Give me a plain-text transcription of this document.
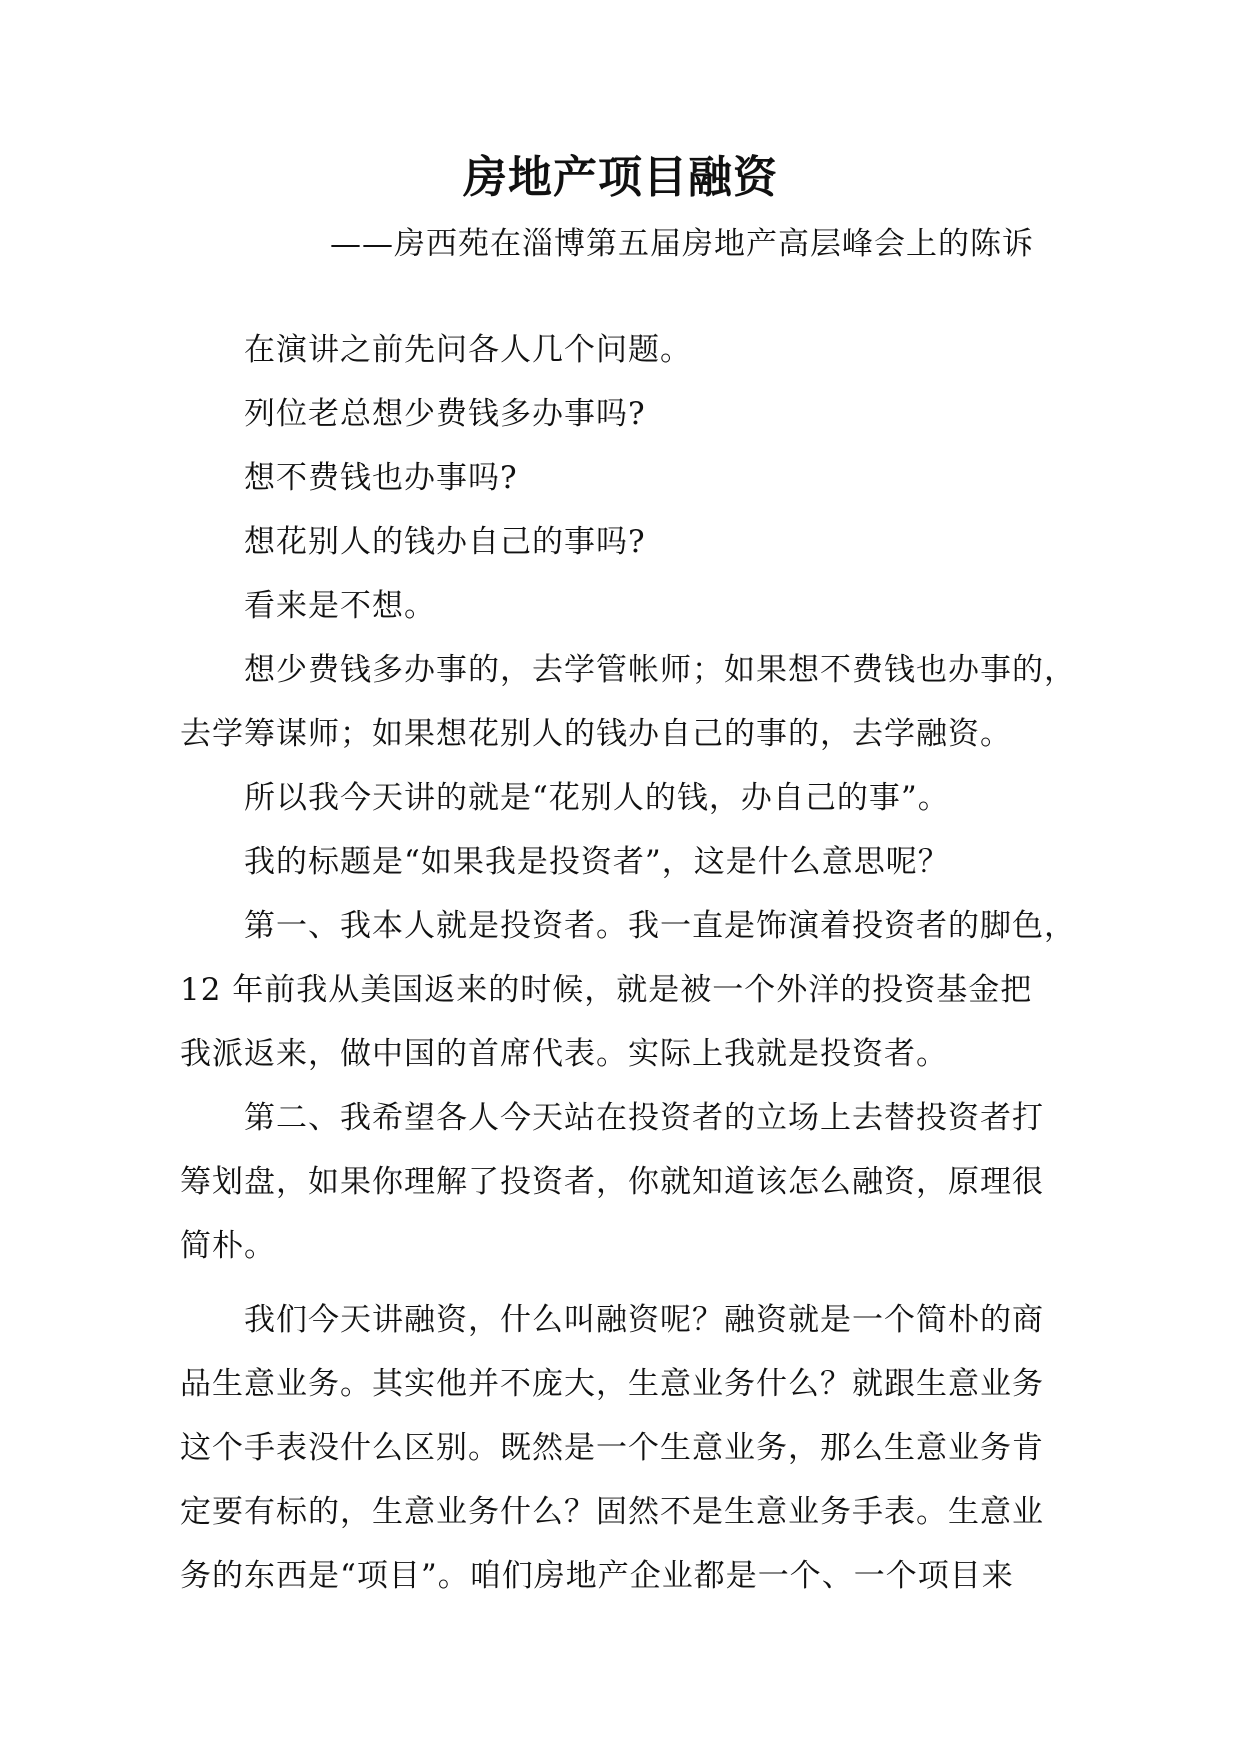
房地产项目融资

——房西苑在淄博第五届房地产高层峰会上的陈诉

在演讲之前先问各人几个问题。

列位老总想少费钱多办事吗?

想不费钱也办事吗?

想花别人的钱办自己的事吗?

看来是不想。

想少费钱多办事的，去学管帐师；如果想不费钱也办事的，
去学筹谋师；如果想花别人的钱办自己的事的，去学融资。

所以我今天讲的就是“花别人的钱，办自己的事”。

我的标题是“如果我是投资者”，这是什么意思呢？

第一、我本人就是投资者。我一直是饰演着投资者的脚色，
12 年前我从美国返来的时候，就是被一个外洋的投资基金把
我派返来，做中国的首席代表。实际上我就是投资者。

第二、我希望各人今天站在投资者的立场上去替投资者打
筹划盘，如果你理解了投资者，你就知道该怎么融资，原理很
简朴。

我们今天讲融资，什么叫融资呢？融资就是一个简朴的商
品生意业务。其实他并不庞大，生意业务什么？就跟生意业务
这个手表没什么区别。既然是一个生意业务，那么生意业务肯
定要有标的，生意业务什么？固然不是生意业务手表。生意业
务的东西是“项目”。咱们房地产企业都是一个、一个项目来
